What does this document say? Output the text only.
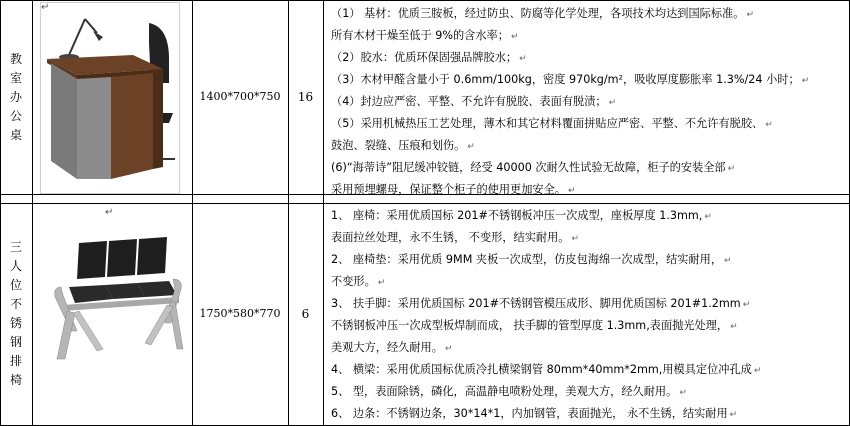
教
室
办
公
桌
↵
1400*700*750	16
（1） 基材：优质三胺板，经过防虫、防腐等化学处理，各项技术均达到国际标准。 ↵
所有木材干燥至低于 9%的含水率； ↵
（2）胶水：优质环保固强品牌胶水； ↵
（3）木材甲醛含量小于 0.6mm/100kg，密度 970kg/m²，吸收厚度膨胀率 1.3%/24 小时； ↵
（4）封边应严密、平整、不允许有脱胶、表面有脱渍； ↵
（5）采用机械热压工艺处理，薄木和其它材料覆面拼贴应严密、平整、不允许有脱胶、 ↵
鼓泡、裂缝、压痕和划伤。 ↵
(6)“海蒂诗”阻尼缓冲铰链，经受 40000 次耐久性试验无故障，柜子的安装全部 ↵
采用预埋螺母，保证整个柜子的使用更加安全。 ↵
三
人
位
不
锈
钢
排
椅
↵
1750*580*770	6
1、 座椅：采用优质国标 201#不锈钢板冲压一次成型，座板厚度 1.3mm, ↵
表面拉丝处理，永不生锈， 不变形，结实耐用。 ↵
2、 座椅垫：采用优质 9MM 夹板一次成型，仿皮包海绵一次成型，结实耐用， ↵
不变形。 ↵
3、 扶手脚：采用优质国标 201#不锈钢管模压成形、脚用优质国标 201#1.2mm ↵
不锈钢板冲压一次成型板焊制而成， 扶手脚的管型厚度 1.3mm,表面抛光处理， ↵
美观大方，经久耐用。 ↵
4、 横梁：采用优质国标优质冷扎横梁钢管 80mm*40mm*2mm,用模具定位冲孔成 ↵
5、 型，表面除锈，磷化，高温静电喷粉处理，美观大方，经久耐用。 ↵
6、 边条：不锈钢边条，30*14*1，内加钢管，表面抛光， 永不生锈，结实耐用 ↵
